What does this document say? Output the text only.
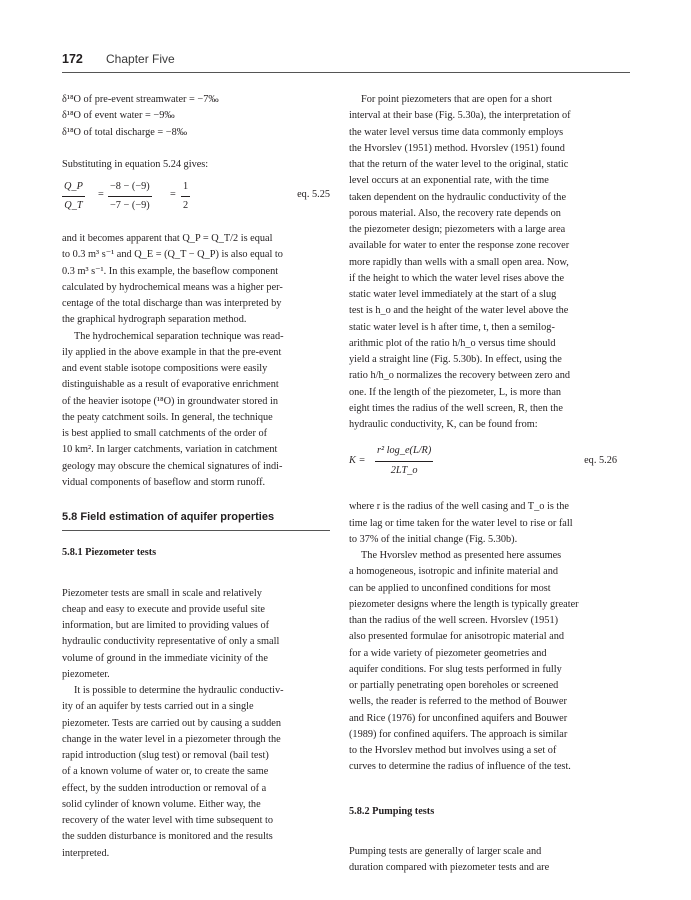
172 Chapter Five
δ¹⁸O of pre-event streamwater = −7‰
δ¹⁸O of event water = −9‰
δ¹⁸O of total discharge = −8‰

Substituting in equation 5.24 gives:

$\frac{Q\_P}{Q\_T} = \frac{-8 - (-9)}{-7 - (-9)} = \frac{1}{2}$	eq. 5.25

and it becomes apparent that Q_P = Q_T/2 is equal
to 0.3 m³ s⁻¹ and Q_E = (Q_T − Q_P) is also equal to
0.3 m³ s⁻¹. In this example, the baseflow component
calculated by hydrochemical means was a higher per-
centage of the total discharge than was interpreted by
the graphical hydrograph separation method.

The hydrochemical separation technique was read-
ily applied in the above example in that the pre-event
and event stable isotope compositions were easily
distinguishable as a result of evaporative enrichment
of the heavier isotope (¹⁸O) in groundwater stored in
the peaty catchment soils. In general, the technique
is best applied to small catchments of the order of
10 km². In larger catchments, variation in catchment
geology may obscure the chemical signatures of indi-
vidual components of baseflow and storm runoff.

5.8 Field estimation of aquifer properties
5.8.1 Piezometer tests

Piezometer tests are small in scale and relatively
cheap and easy to execute and provide useful site
information, but are limited to providing values of
hydraulic conductivity representative of only a small
volume of ground in the immediate vicinity of the
piezometer.

It is possible to determine the hydraulic conductiv-
ity of an aquifer by tests carried out in a single
piezometer. Tests are carried out by causing a sudden
change in the water level in a piezometer through the
rapid introduction (slug test) or removal (bail test)
of a known volume of water or, to create the same
effect, by the sudden introduction or removal of a
solid cylinder of known volume. Either way, the
recovery of the water level with time subsequent to
the sudden disturbance is monitored and the results
interpreted.

For point piezometers that are open for a short
interval at their base (Fig. 5.30a), the interpretation of
the water level versus time data commonly employs
the Hvorslev (1951) method. Hvorslev (1951) found
that the return of the water level to the original, static
level occurs at an exponential rate, with the time
taken dependent on the hydraulic conductivity of the
porous material. Also, the recovery rate depends on
the piezometer design; piezometers with a large area
available for water to enter the response zone recover
more rapidly than wells with a small open area. Now,
if the height to which the water level rises above the
static water level immediately at the start of a slug
test is h_o and the height of the water level above the
static water level is h after time, t, then a semilog-
arithmic plot of the ratio h/h_o versus time should
yield a straight line (Fig. 5.30b). In effect, using the
ratio h/h_o normalizes the recovery between zero and
one. If the length of the piezometer, L, is more than
eight times the radius of the well screen, R, then the
hydraulic conductivity, K, can be found from:

$K = \frac{\text{r² log\_e(L/R)}}{2LT\_o}$	eq. 5.26

where r is the radius of the well casing and T_o is the
time lag or time taken for the water level to rise or fall
to 37% of the initial change (Fig. 5.30b).

The Hvorslev method as presented here assumes
a homogeneous, isotropic and infinite material and
can be applied to unconfined conditions for most
piezometer designs where the length is typically greater
than the radius of the well screen. Hvorslev (1951)
also presented formulae for anisotropic material and
for a wide variety of piezometer geometries and
aquifer conditions. For slug tests performed in fully
or partially penetrating open boreholes or screened
wells, the reader is referred to the method of Bouwer
and Rice (1976) for unconfined aquifers and Bouwer
(1989) for confined aquifers. The approach is similar
to the Hvorslev method but involves using a set of
curves to determine the radius of influence of the test.

5.8.2 Pumping tests

Pumping tests are generally of larger scale and
duration compared with piezometer tests and are
